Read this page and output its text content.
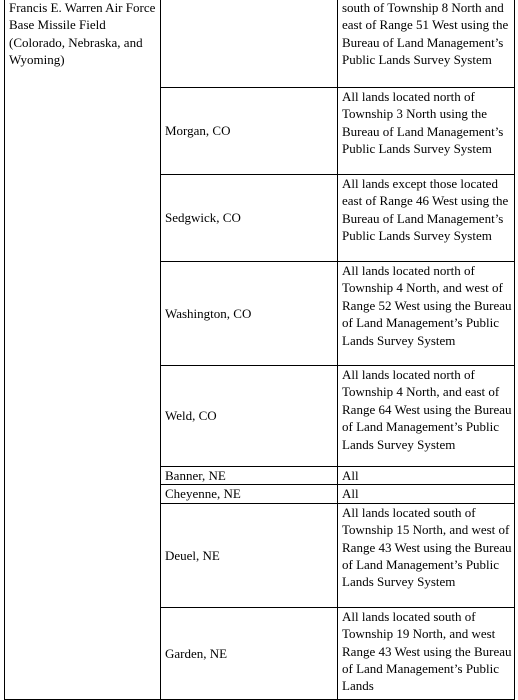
Francis E. Warren Air Force Base Missile Field (Colorado, Nebraska, and Wyoming)		south of Township 8 North and east of Range 51 West using the Bureau of Land Management’s Public Lands Survey System
	Morgan, CO	All lands located north of Township 3 North using the Bureau of Land Management’s Public Lands Survey System
	Sedgwick, CO	All lands except those located east of Range 46 West using the Bureau of Land Management’s Public Lands Survey System
	Washington, CO	All lands located north of Township 4 North, and west of Range 52 West using the Bureau of Land Management’s Public Lands Survey System
	Weld, CO	All lands located north of Township 4 North, and east of Range 64 West using the Bureau of Land Management’s Public Lands Survey System
	Banner, NE	All
	Cheyenne, NE	All
	Deuel, NE	All lands located south of Township 15 North, and west of Range 43 West using the Bureau of Land Management’s Public Lands Survey System
	Garden, NE	All lands located south of Township 19 North, and west Range 43 West using the Bureau of Land Management’s Public Lands
